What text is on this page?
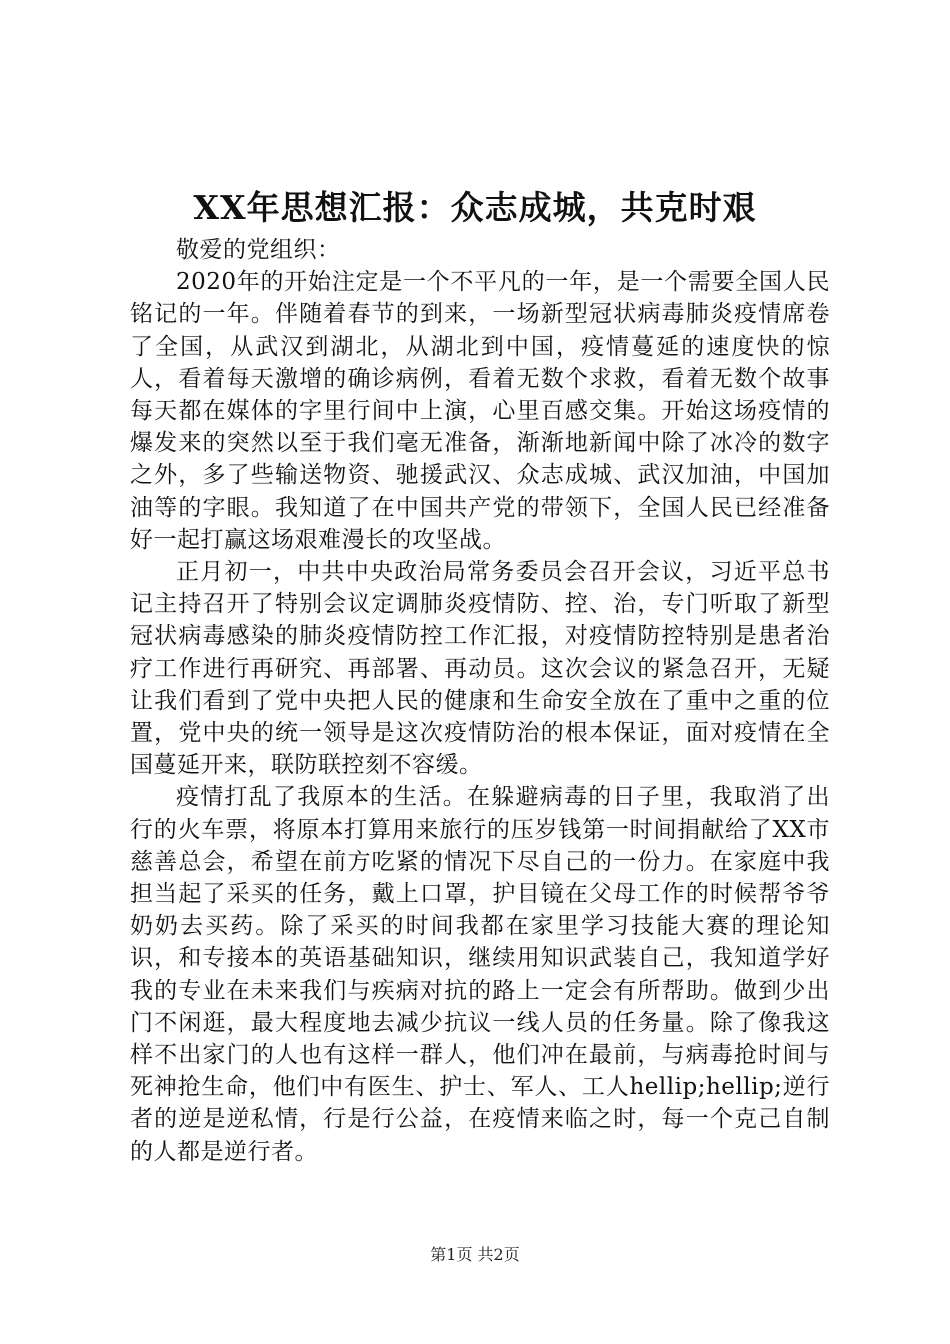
XX年思想汇报：众志成城，共克时艰

敬爱的党组织：

2020年的开始注定是一个不平凡的一年，是一个需要全国人民铭记的一年。伴随着春节的到来，一场新型冠状病毒肺炎疫情席卷了全国，从武汉到湖北，从湖北到中国，疫情蔓延的速度快的惊人，看着每天激增的确诊病例，看着无数个求救，看着无数个故事每天都在媒体的字里行间中上演，心里百感交集。开始这场疫情的爆发来的突然以至于我们毫无准备，渐渐地新闻中除了冰冷的数字之外，多了些输送物资、驰援武汉、众志成城、武汉加油，中国加油等的字眼。我知道了在中国共产党的带领下，全国人民已经准备好一起打赢这场艰难漫长的攻坚战。

正月初一，中共中央政治局常务委员会召开会议，习近平总书记主持召开了特别会议定调肺炎疫情防、控、治，专门听取了新型冠状病毒感染的肺炎疫情防控工作汇报，对疫情防控特别是患者治疗工作进行再研究、再部署、再动员。这次会议的紧急召开，无疑让我们看到了党中央把人民的健康和生命安全放在了重中之重的位置，党中央的统一领导是这次疫情防治的根本保证，面对疫情在全国蔓延开来，联防联控刻不容缓。

疫情打乱了我原本的生活。在躲避病毒的日子里，我取消了出行的火车票，将原本打算用来旅行的压岁钱第一时间捐献给了XX市慈善总会，希望在前方吃紧的情况下尽自己的一份力。在家庭中我担当起了采买的任务，戴上口罩，护目镜在父母工作的时候帮爷爷奶奶去买药。除了采买的时间我都在家里学习技能大赛的理论知识，和专接本的英语基础知识，继续用知识武装自己，我知道学好我的专业在未来我们与疾病对抗的路上一定会有所帮助。做到少出门不闲逛，最大程度地去减少抗议一线人员的任务量。除了像我这样不出家门的人也有这样一群人，他们冲在最前，与病毒抢时间与死神抢生命，他们中有医生、护士、军人、工人hellip;hellip;逆行者的逆是逆私情，行是行公益，在疫情来临之时，每一个克己自制的人都是逆行者。

第1页 共2页
